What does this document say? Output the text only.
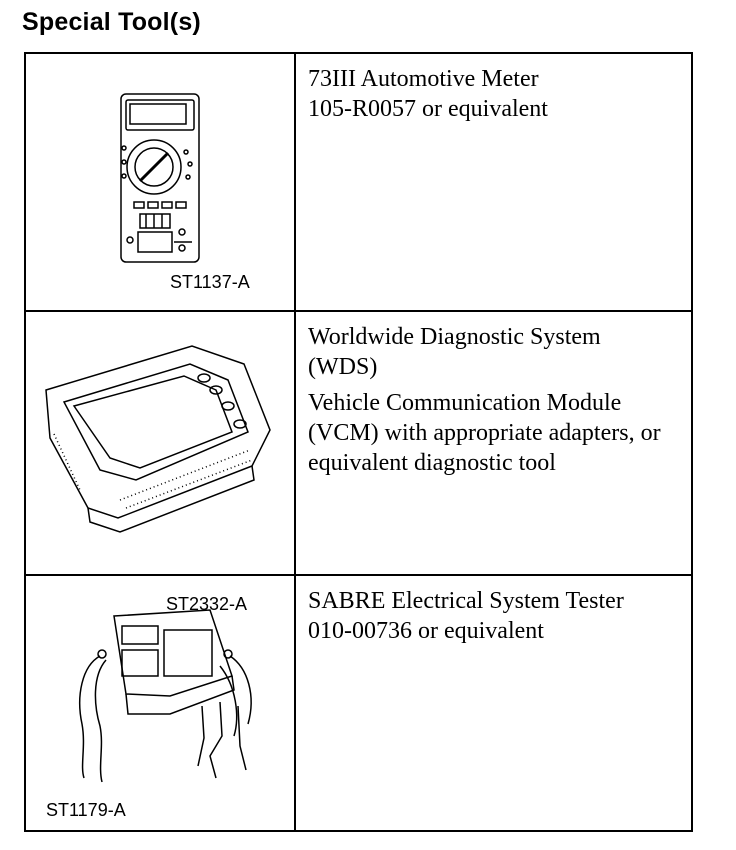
Special Tool(s)
ST1137-A

73III Automotive Meter

105-R0057 or equivalent

ST2332-A

Worldwide Diagnostic System (WDS)

Vehicle Communication Module (VCM) with appropriate adapters, or equivalent diagnostic tool

ST1179-A

SABRE Electrical System Tester

010-00736 or equivalent
